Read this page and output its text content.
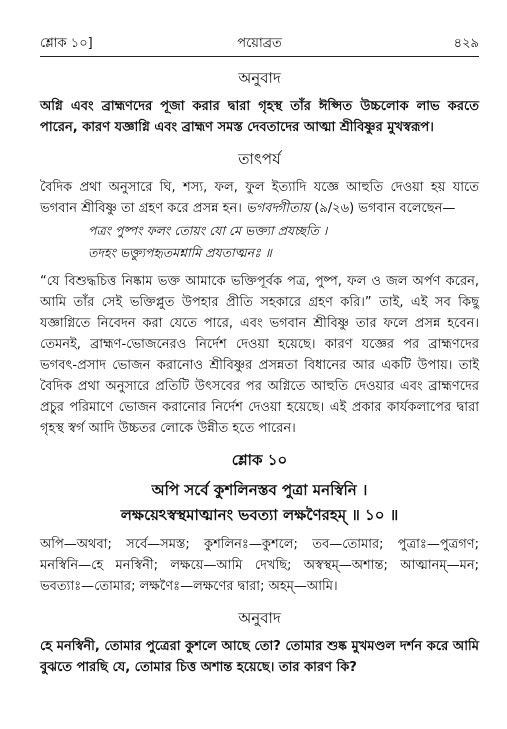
শ্লোক ১০]	পয়োব্রত	৪২৯
অনুবাদ

অগ্নি এবং ব্রাহ্মণদের পূজা করার দ্বারা গৃহস্থ তাঁর ঈপ্সিত উচ্চলোক লাভ করতে পারেন, কারণ যজ্ঞাগ্নি এবং ব্রাহ্মণ সমস্ত দেবতাদের আত্মা শ্রীবিষ্ণুর মুখস্বরূপ।

তাৎপর্য

বৈদিক প্রথা অনুসারে ঘি, শস্য, ফল, ফুল ইত্যাদি যজ্ঞে আহুতি দেওয়া হয় যাতে ভগবান শ্রীবিষ্ণু তা গ্রহণ করে প্রসন্ন হন। ভগবদ্গীতায় (৯/২৬) ভগবান বলেছেন—

পত্রং পুষ্পং ফলং তোয়ং যো মে ভক্ত্যা প্রযচ্ছতি ।
তদহং ভক্ত্যুপহৃতমশ্নামি প্রযতাত্মনঃ ॥

“যে বিশুদ্ধচিত্ত নিষ্কাম ভক্ত আমাকে ভক্তিপূর্বক পত্র, পুষ্প, ফল ও জল অর্পণ করেন, আমি তাঁর সেই ভক্তিপ্লুত উপহার প্রীতি সহকারে গ্রহণ করি।” তাই, এই সব কিছু যজ্ঞাগ্নিতে নিবেদন করা যেতে পারে, এবং ভগবান শ্রীবিষ্ণু তার ফলে প্রসন্ন হবেন। তেমনই, ব্রাহ্মণ-ভোজনেরও নির্দেশ দেওয়া হয়েছে। কারণ যজ্ঞের পর ব্রাহ্মণদের ভগবৎ-প্রসাদ ভোজন করানোও শ্রীবিষ্ণুর প্রসন্নতা বিধানের আর একটি উপায়। তাই বৈদিক প্রথা অনুসারে প্রতিটি উৎসবের পর অগ্নিতে আহুতি দেওয়ার এবং ব্রাহ্মণদের প্রচুর পরিমাণে ভোজন করানোর নির্দেশ দেওয়া হয়েছে। এই প্রকার কার্যকলাপের দ্বারা গৃহস্থ স্বর্গ আদি উচ্চতর লোকে উন্নীত হতে পারেন।

শ্লোক ১০

অপি সর্বে কুশলিনস্তব পুত্রা মনস্বিনি ।

লক্ষয়েঽস্বস্থমাত্মানং ভবত্যা লক্ষণৈরহম্‌ ॥ ১০ ॥

অপি—অথবা; সর্বে—সমস্ত; কুশলিনঃ—কুশলে; তব—তোমার; পুত্রাঃ—পুত্রগণ; মনস্বিনি—হে মনস্বিনী; লক্ষয়ে—আমি দেখছি; অস্বস্থম্‌—অশান্ত; আত্মানম্‌—মন; ভবত্যাঃ—তোমার; লক্ষণৈঃ—লক্ষণের দ্বারা; অহম্‌—আমি।

অনুবাদ

হে মনস্বিনী, তোমার পুত্রেরা কুশলে আছে তো? তোমার শুষ্ক মুখমণ্ডল দর্শন করে আমি বুঝতে পারছি যে, তোমার চিত্ত অশান্ত হয়েছে। তার কারণ কি?
